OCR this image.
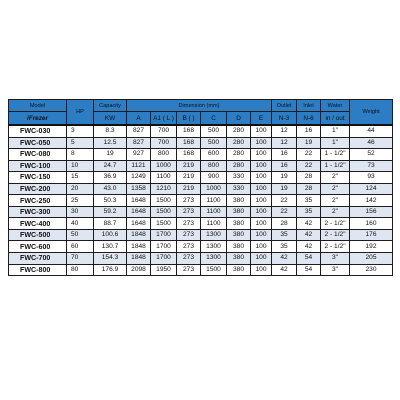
Model	HP	Capacity	Dimension (mm)						Outlet	Inlet	Water	Weight
iFrezer		KW	A	A1 ( L )	B ( )	C	D	E	N-3	N-6	in / out	
FWC-030	3	8.3	827	700	168	500	280	100	12	16	1"	44
FWC-050	5	12.5	827	700	168	500	280	100	12	19	1"	46
FWC-080	8	19	927	800	168	600	280	100	16	22	1 - 1/2"	52
FWC-100	10	24.7	1121	1000	219	800	280	100	16	22	1 - 1/2"	73
FWC-150	15	36.9	1249	1100	219	900	330	100	19	28	2"	93
FWC-200	20	43.0	1358	1210	219	1000	330	100	19	28	2"	124
FWC-250	25	50.3	1648	1500	273	1100	380	100	22	35	2"	142
FWC-300	30	59.2	1648	1500	273	1100	380	100	22	35	2"	156
FWC-400	40	88.7	1648	1500	273	1100	380	100	28	42	2 - 1/2"	160
FWC-500	50	100.6	1848	1700	273	1300	380	100	35	42	2 - 1/2"	176
FWC-600	60	130.7	1848	1700	273	1300	380	100	35	42	2 - 1/2"	192
FWC-700	70	154.3	1848	1700	273	1300	380	100	42	54	3"	205
FWC-800	80	176.9	2098	1950	273	1500	380	100	42	54	3"	230
